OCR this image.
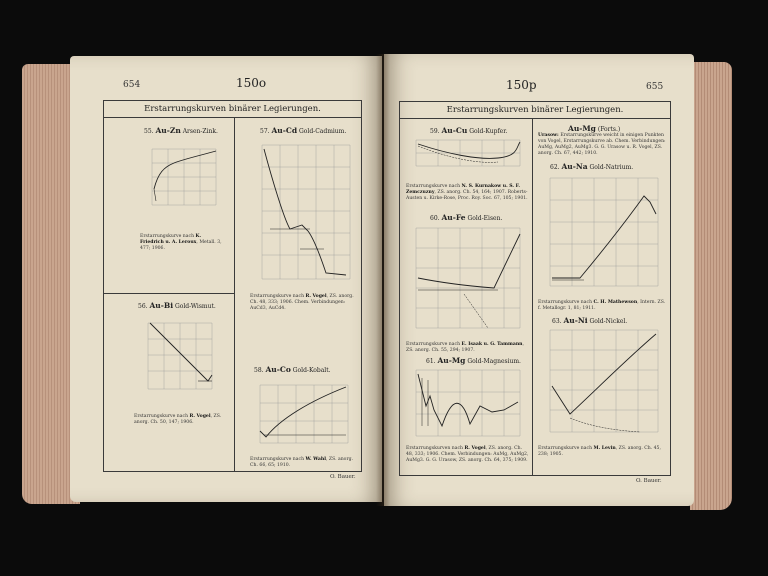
654	150o	655
150p
Erstarrungskurven binärer Legierungen.
55. Au-Zn Arsen-Zink.
Erstarrungskurve nach K. Friedrich u. A. Leroux, Metall. 3, 477; 1906.
56. Au-Bi Gold-Wismut.
Erstarrungskurve nach R. Vogel, ZS. anorg. Ch. 50, 147; 1906.
57. Au-Cd Gold-Cadmium.
Erstarrungskurve nach R. Vogel, ZS. anorg. Ch. 48, 333; 1906. Chem. Verbindungen: AuCd3, AuCd4.
58. Au-Co Gold-Kobalt.
Erstarrungskurve nach W. Wahl, ZS. anorg. Ch. 66, 65; 1910.
O. Bauer.
Erstarrungskurven binärer Legierungen.
59. Au-Cu Gold-Kupfer.
Erstarrungskurve nach N. S. Kurnakow u. S. F. Zemczuzny, ZS. anorg. Ch. 54, 164; 1907. Roberts-Austen u. Kirke-Rose, Proc. Roy. Soc. 67, 105; 1901.
60. Au-Fe Gold-Eisen.
Erstarrungskurve nach E. Isaak u. G. Tammann, ZS. anorg. Ch. 55, 294; 1907.
61. Au-Mg Gold-Magnesium.
Erstarrungskurven nach R. Vogel, ZS. anorg. Ch. 48, 333; 1906. Chem. Verbindungen: AuMg, AuMg2, AuMg3. G. G. Urasow, ZS. anorg. Ch. 64, 375; 1909.
Au-Mg (Forts.)
Urasow: Erstarrungskurve weicht in einigen Punkten von Vogel, Erstarrungskurve ab. Chem. Verbindungen: AuMg, AuMg2, AuMg3. G. G. Urasow u. R. Vogel, ZS. anorg. Ch. 67, 442; 1910.
62. Au-Na Gold-Natrium.
Erstarrungskurve nach C. H. Mathewson, Intern. ZS. f. Metallogr. 1, 81; 1911.
63. Au-Ni Gold-Nickel.
Erstarrungskurve nach M. Levin, ZS. anorg. Ch. 45, 238; 1905.
O. Bauer.
